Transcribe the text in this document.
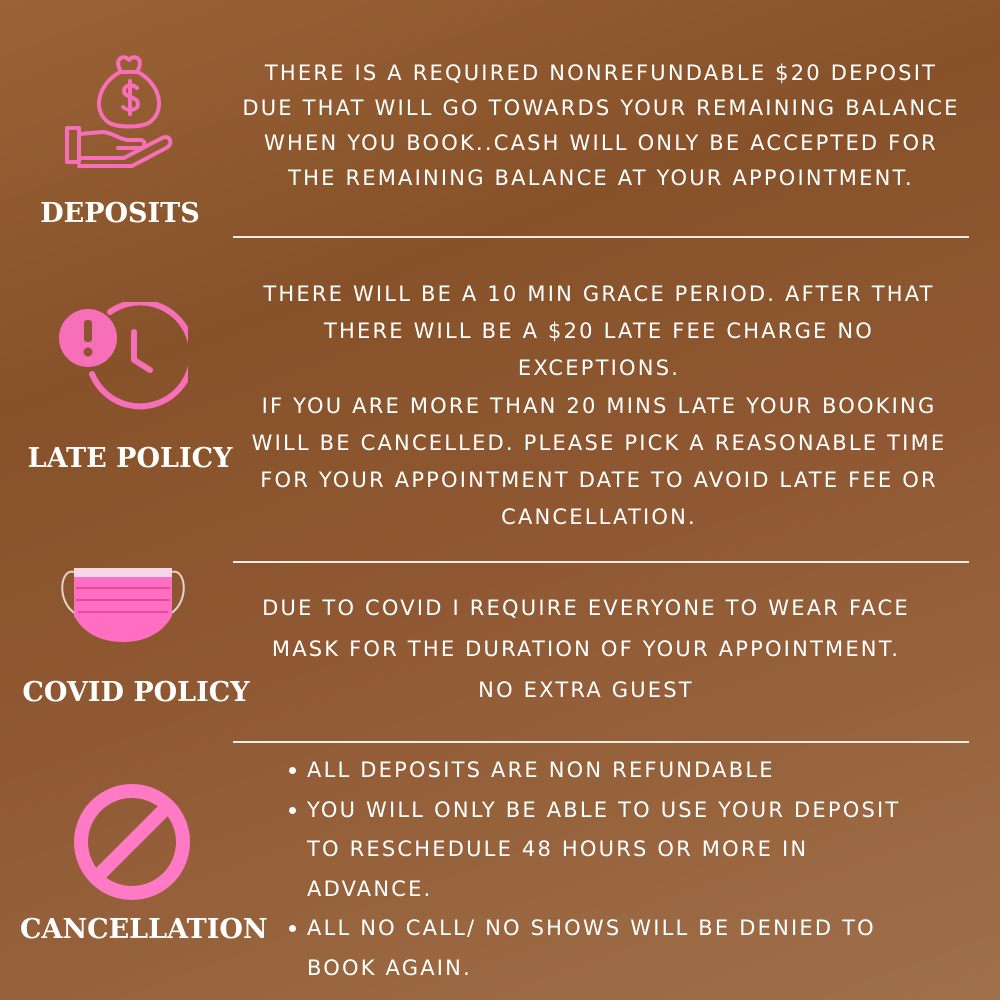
DEPOSITS
THERE IS A REQUIRED NONREFUNDABLE $20 DEPOSIT DUE THAT WILL GO TOWARDS YOUR REMAINING BALANCE WHEN YOU BOOK..CASH WILL ONLY BE ACCEPTED FOR THE REMAINING BALANCE AT YOUR APPOINTMENT.
LATE POLICY

THERE WILL BE A 10 MIN GRACE PERIOD. AFTER THAT THERE WILL BE A $20 LATE FEE CHARGE NO EXCEPTIONS.

IF YOU ARE MORE THAN 20 MINS LATE YOUR BOOKING WILL BE CANCELLED. PLEASE PICK A REASONABLE TIME FOR YOUR APPOINTMENT DATE TO AVOID LATE FEE OR CANCELLATION.

COVID POLICY

DUE TO COVID I REQUIRE EVERYONE TO WEAR FACE MASK FOR THE DURATION OF YOUR APPOINTMENT.

NO EXTRA GUEST

CANCELLATION
ALL DEPOSITS ARE NON REFUNDABLE
YOU WILL ONLY BE ABLE TO USE YOUR DEPOSIT TO RESCHEDULE 48 HOURS OR MORE IN ADVANCE.
ALL NO CALL/ NO SHOWS WILL BE DENIED TO BOOK AGAIN.
